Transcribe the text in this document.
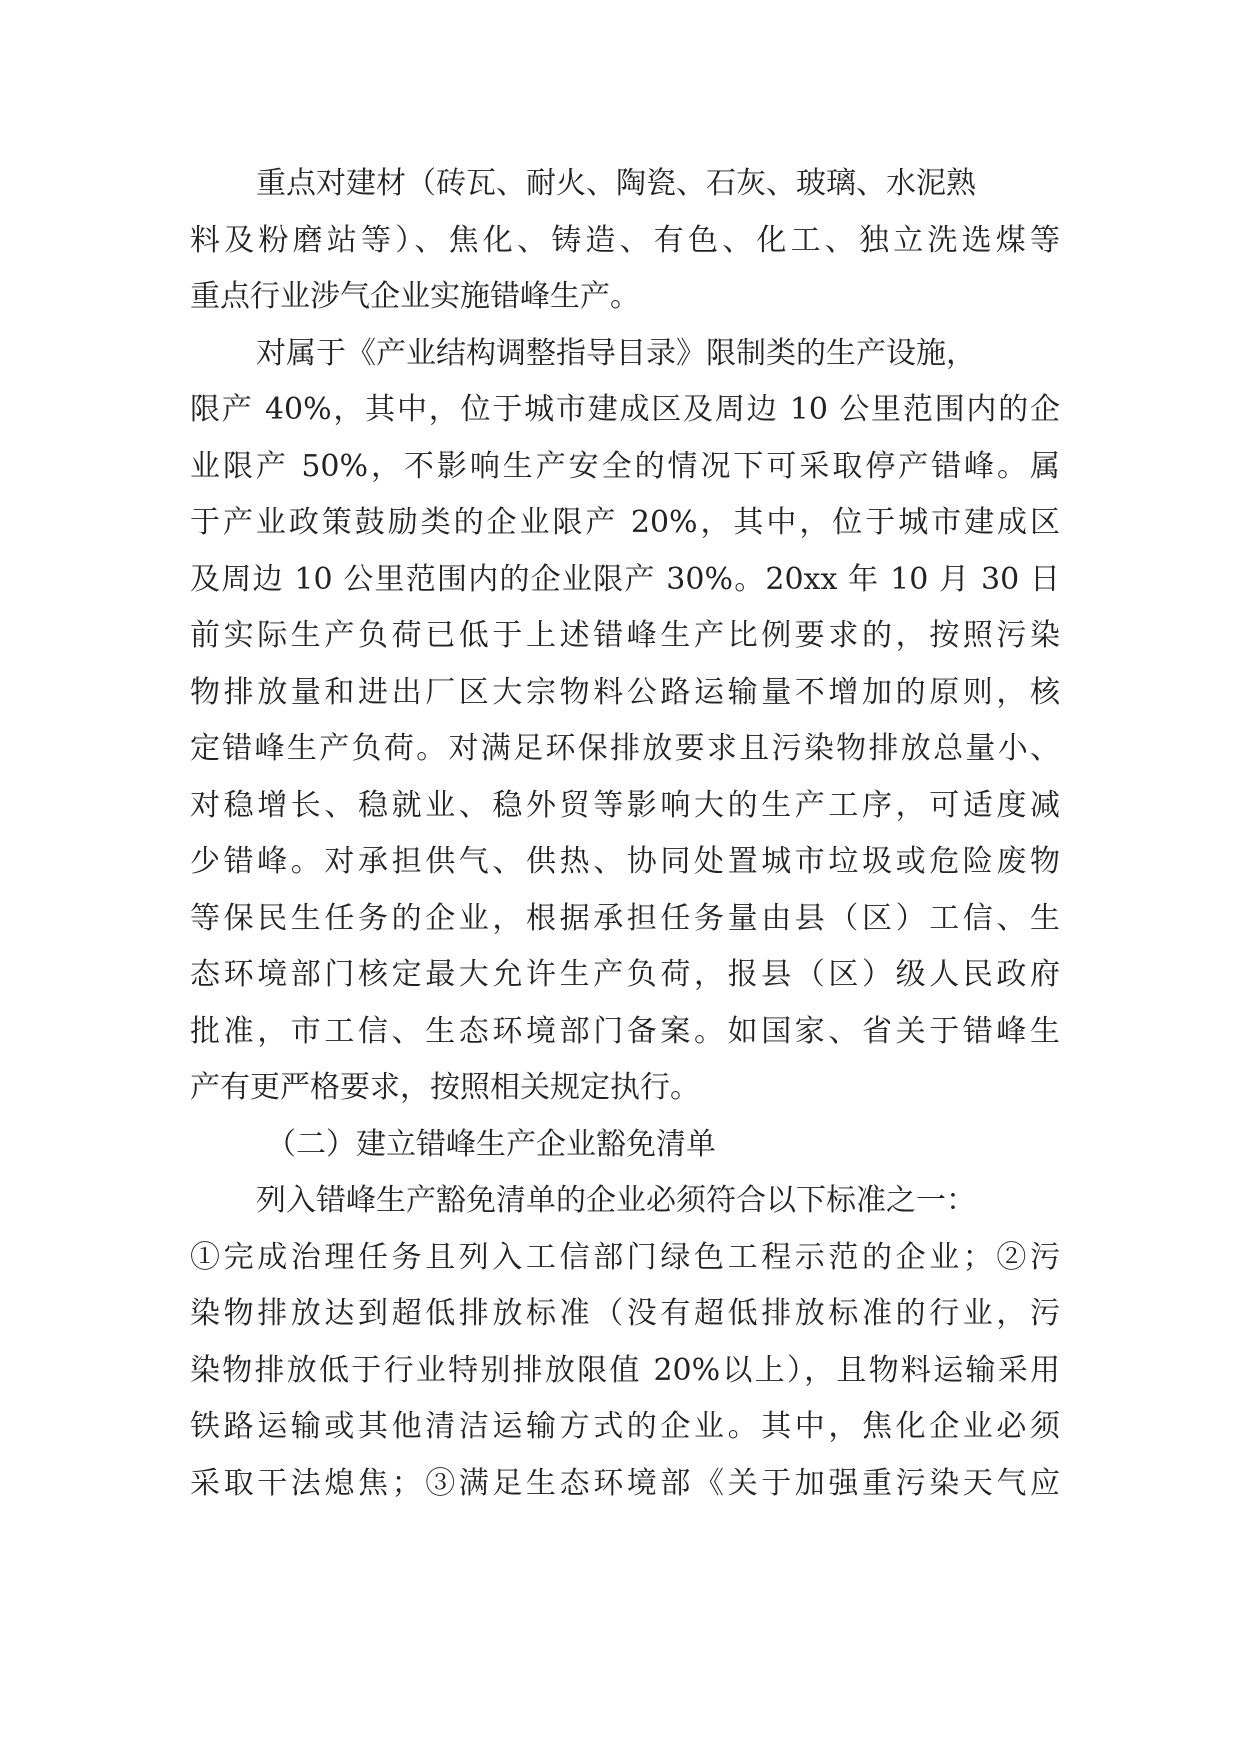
重点对建材（砖瓦、耐火、陶瓷、石灰、玻璃、水泥熟
料及粉磨站等）、焦化、铸造、有色、化工、独立洗选煤等
重点行业涉气企业实施错峰生产。
对属于《产业结构调整指导目录》限制类的生产设施，
限产 40%，其中，位于城市建成区及周边 10 公里范围内的企
业限产 50%，不影响生产安全的情况下可采取停产错峰。属
于产业政策鼓励类的企业限产 20%，其中，位于城市建成区
及周边 10 公里范围内的企业限产 30%。20xx 年 10 月 30 日
前实际生产负荷已低于上述错峰生产比例要求的，按照污染
物排放量和进出厂区大宗物料公路运输量不增加的原则，核
定错峰生产负荷。对满足环保排放要求且污染物排放总量小、
对稳增长、稳就业、稳外贸等影响大的生产工序，可适度减
少错峰。对承担供气、供热、协同处置城市垃圾或危险废物
等保民生任务的企业，根据承担任务量由县（区）工信、生
态环境部门核定最大允许生产负荷，报县（区）级人民政府
批准，市工信、生态环境部门备案。如国家、省关于错峰生
产有更严格要求，按照相关规定执行。
（二）建立错峰生产企业豁免清单
列入错峰生产豁免清单的企业必须符合以下标准之一：
①完成治理任务且列入工信部门绿色工程示范的企业；②污
染物排放达到超低排放标准（没有超低排放标准的行业，污
染物排放低于行业特别排放限值 20%以上），且物料运输采用
铁路运输或其他清洁运输方式的企业。其中，焦化企业必须
采取干法熄焦；③满足生态环境部《关于加强重污染天气应
